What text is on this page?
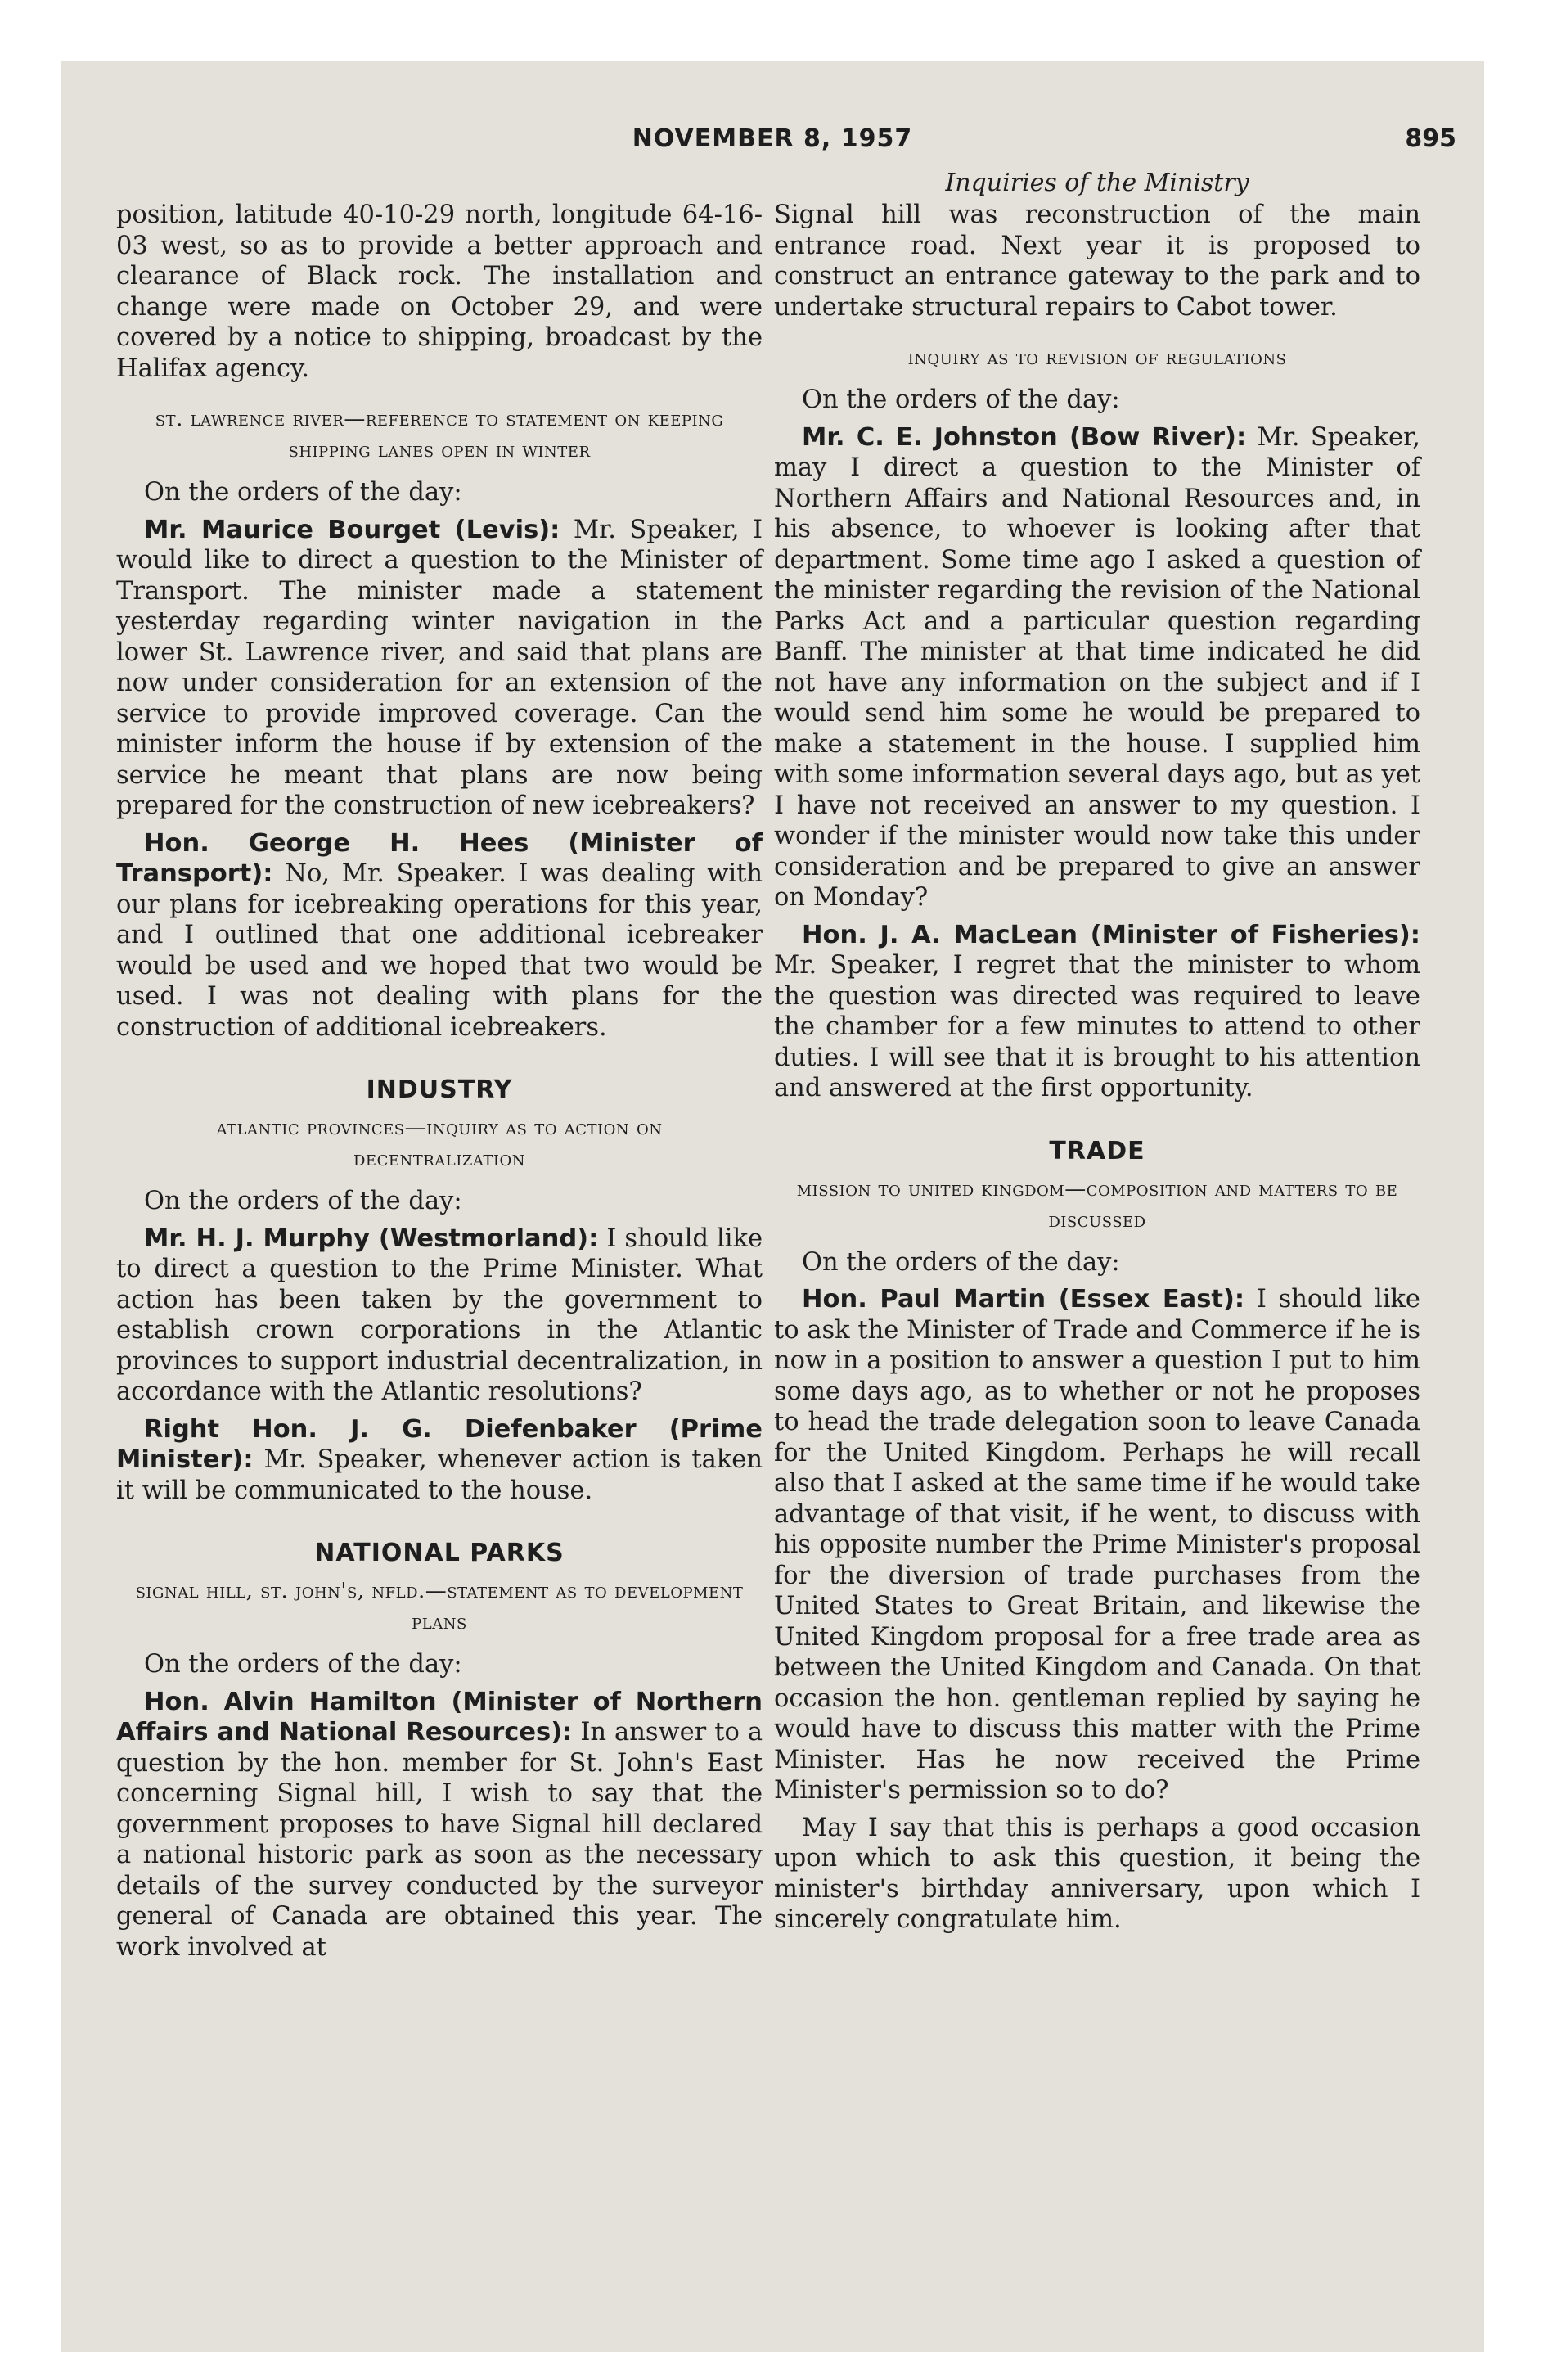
NOVEMBER 8, 1957	895
Inquiries of the Ministry

position, latitude 40-10-29 north, longitude 64-16-03 west, so as to provide a better approach and clearance of Black rock. The installation and change were made on October 29, and were covered by a notice to shipping, broadcast by the Halifax agency.

st. lawrence river—reference to statement on keeping shipping lanes open in winter

On the orders of the day:

Mr. Maurice Bourget (Levis): Mr. Speaker, I would like to direct a question to the Minister of Transport. The minister made a statement yesterday regarding winter navigation in the lower St. Lawrence river, and said that plans are now under consideration for an extension of the service to provide improved coverage. Can the minister inform the house if by extension of the service he meant that plans are now being prepared for the construction of new icebreakers?

Hon. George H. Hees (Minister of Transport): No, Mr. Speaker. I was dealing with our plans for icebreaking operations for this year, and I outlined that one additional icebreaker would be used and we hoped that two would be used. I was not dealing with plans for the construction of additional icebreakers.

INDUSTRY
atlantic provinces—inquiry as to action on decentralization

On the orders of the day:

Mr. H. J. Murphy (Westmorland): I should like to direct a question to the Prime Minister. What action has been taken by the government to establish crown corporations in the Atlantic provinces to support industrial decentralization, in accordance with the Atlantic resolutions?

Right Hon. J. G. Diefenbaker (Prime Minister): Mr. Speaker, whenever action is taken it will be communicated to the house.

NATIONAL PARKS
signal hill, st. john's, nfld.—statement as to development plans

On the orders of the day:

Hon. Alvin Hamilton (Minister of Northern Affairs and National Resources): In answer to a question by the hon. member for St. John's East concerning Signal hill, I wish to say that the government proposes to have Signal hill declared a national historic park as soon as the necessary details of the survey conducted by the surveyor general of Canada are obtained this year. The work involved at

Signal hill was reconstruction of the main entrance road. Next year it is proposed to construct an entrance gateway to the park and to undertake structural repairs to Cabot tower.

inquiry as to revision of regulations

On the orders of the day:

Mr. C. E. Johnston (Bow River): Mr. Speaker, may I direct a question to the Minister of Northern Affairs and National Resources and, in his absence, to whoever is looking after that department. Some time ago I asked a question of the minister regarding the revision of the National Parks Act and a particular question regarding Banff. The minister at that time indicated he did not have any information on the subject and if I would send him some he would be prepared to make a statement in the house. I supplied him with some information several days ago, but as yet I have not received an answer to my question. I wonder if the minister would now take this under consideration and be prepared to give an answer on Monday?

Hon. J. A. MacLean (Minister of Fisheries): Mr. Speaker, I regret that the minister to whom the question was directed was required to leave the chamber for a few minutes to attend to other duties. I will see that it is brought to his attention and answered at the first opportunity.

TRADE
mission to united kingdom—composition and matters to be discussed

On the orders of the day:

Hon. Paul Martin (Essex East): I should like to ask the Minister of Trade and Commerce if he is now in a position to answer a question I put to him some days ago, as to whether or not he proposes to head the trade delegation soon to leave Canada for the United Kingdom. Perhaps he will recall also that I asked at the same time if he would take advantage of that visit, if he went, to discuss with his opposite number the Prime Minister's proposal for the diversion of trade purchases from the United States to Great Britain, and likewise the United Kingdom proposal for a free trade area as between the United Kingdom and Canada. On that occasion the hon. gentleman replied by saying he would have to discuss this matter with the Prime Minister. Has he now received the Prime Minister's permission so to do?

May I say that this is perhaps a good occasion upon which to ask this question, it being the minister's birthday anniversary, upon which I sincerely congratulate him.
